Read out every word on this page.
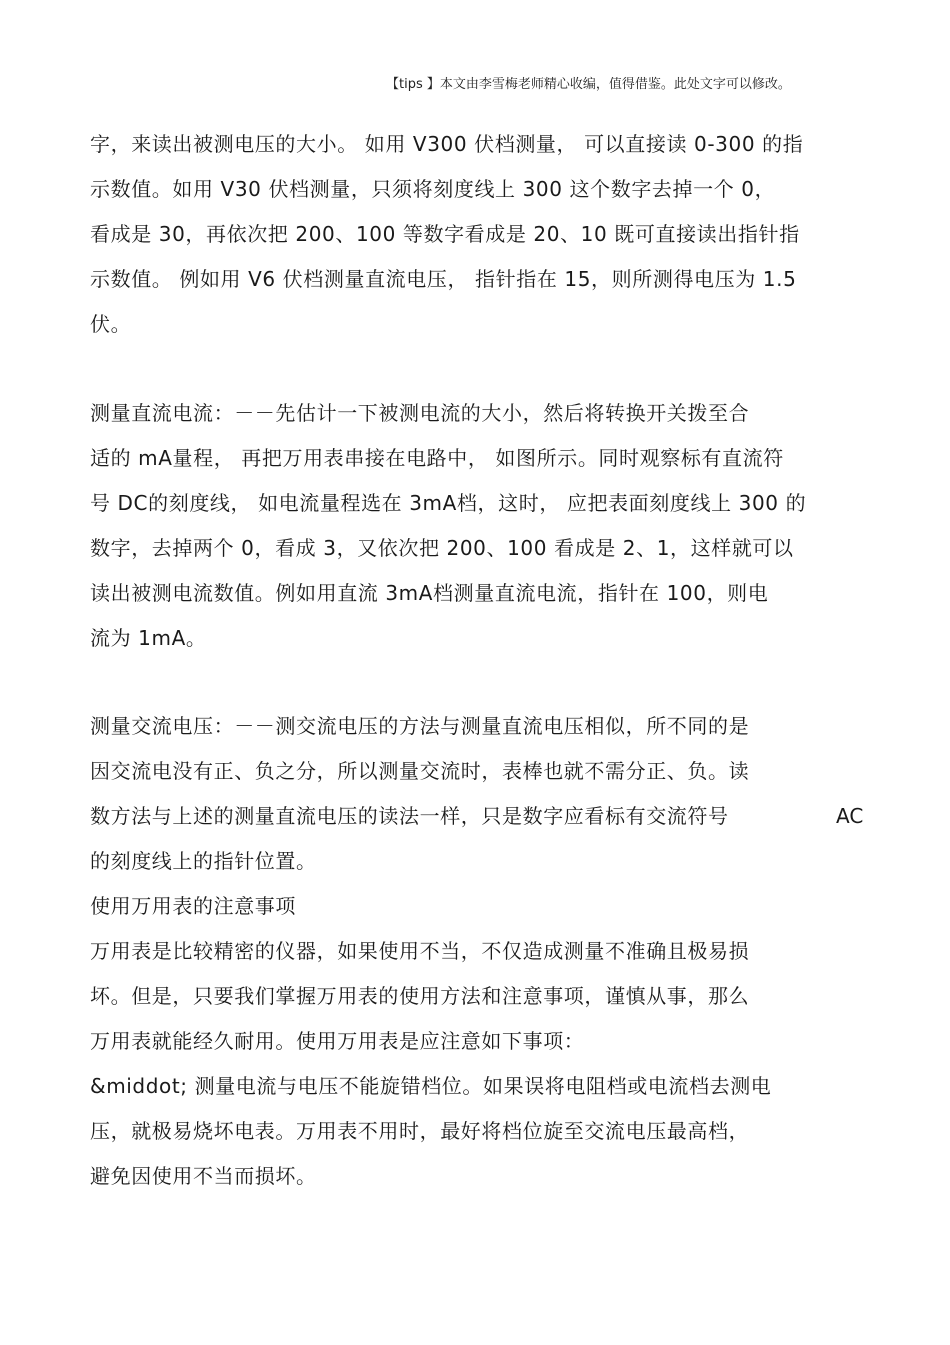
【tips 】本文由李雪梅老师精心收编，值得借鉴。此处文字可以修改。
字，来读出被测电压的大小。 如用 V300 伏档测量， 可以直接读 0-300 的指
示数值。如用 V30 伏档测量，只须将刻度线上 300 这个数字去掉一个 0，
看成是 30，再依次把 200、100 等数字看成是 20、10 既可直接读出指针指
示数值。 例如用 V6 伏档测量直流电压， 指针指在 15，则所测得电压为 1.5
伏。
测量直流电流：－－先估计一下被测电流的大小，然后将转换开关拨至合
适的 mA量程， 再把万用表串接在电路中， 如图所示。同时观察标有直流符
号 DC的刻度线， 如电流量程选在 3mA档，这时， 应把表面刻度线上 300 的
数字，去掉两个 0，看成 3，又依次把 200、100 看成是 2、1，这样就可以
读出被测电流数值。例如用直流 3mA档测量直流电流，指针在 100，则电
流为 1mA。
测量交流电压：－－测交流电压的方法与测量直流电压相似，所不同的是
因交流电没有正、负之分，所以测量交流时，表棒也就不需分正、负。读
数方法与上述的测量直流电压的读法一样，只是数字应看标有交流符号	AC
的刻度线上的指针位置。
使用万用表的注意事项
万用表是比较精密的仪器，如果使用不当，不仅造成测量不准确且极易损
坏。但是，只要我们掌握万用表的使用方法和注意事项，谨慎从事，那么
万用表就能经久耐用。使用万用表是应注意如下事项：
&middot; 测量电流与电压不能旋错档位。如果误将电阻档或电流档去测电
压，就极易烧坏电表。万用表不用时，最好将档位旋至交流电压最高档，
避免因使用不当而损坏。
